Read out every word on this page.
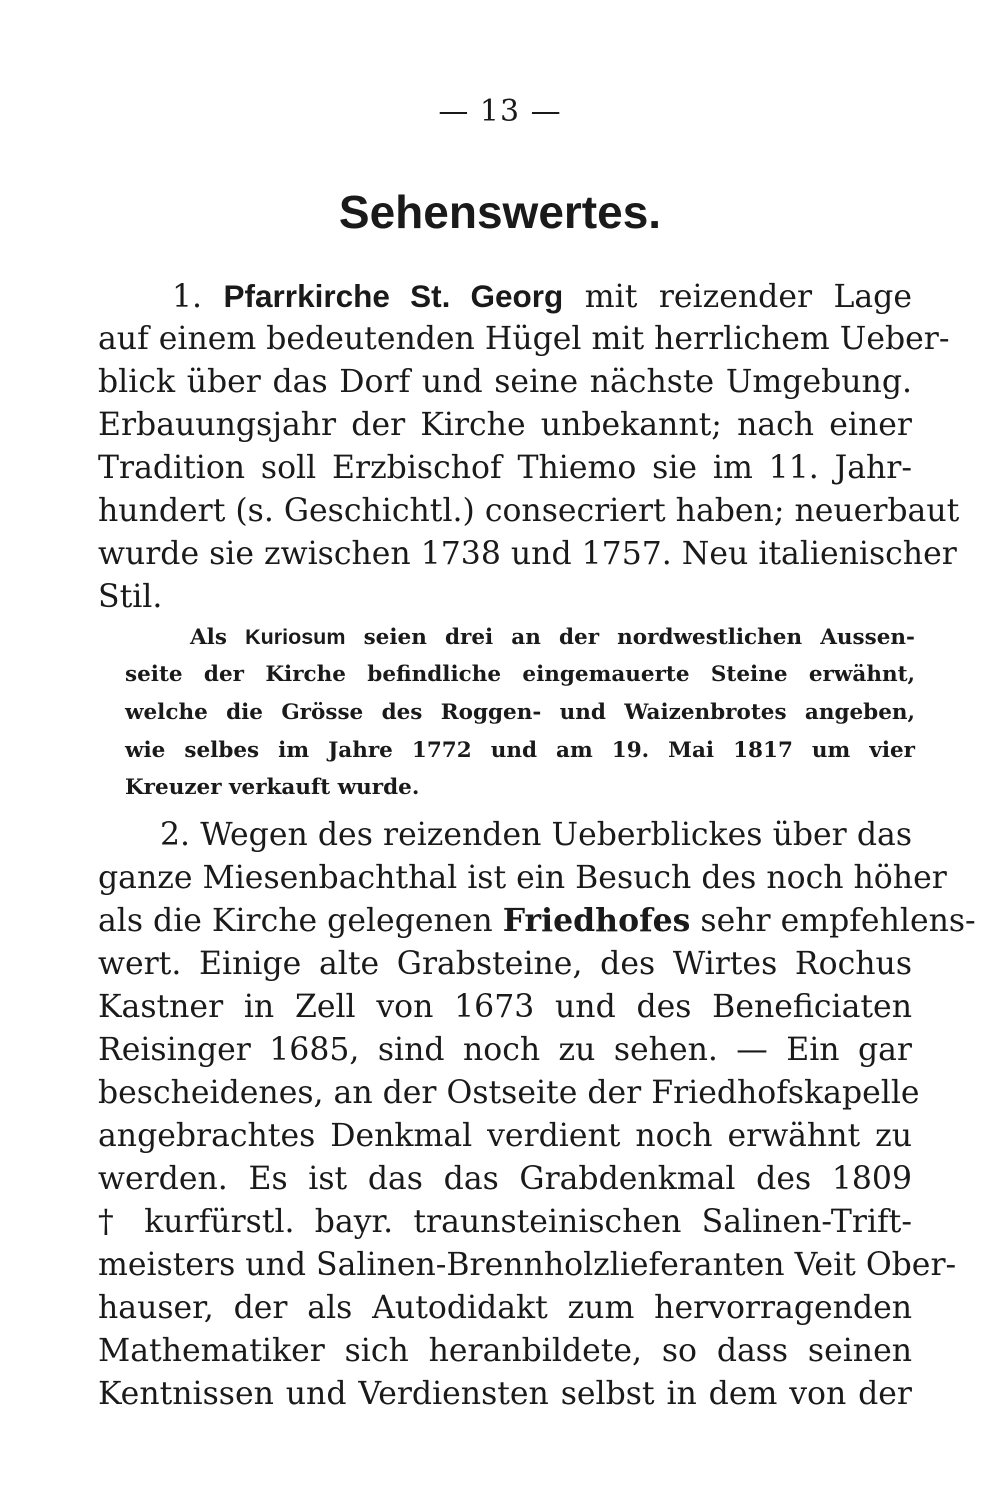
— 13 —
Sehenswertes.
1. Pfarrkirche St. Georg mit reizender Lage
auf einem bedeutenden Hügel mit herrlichem Ueber-
blick über das Dorf und seine nächste Umgebung.
Erbauungsjahr der Kirche unbekannt; nach einer
Tradition soll Erzbischof Thiemo sie im 11. Jahr-
hundert (s. Geschichtl.) consecriert haben; neuerbaut
wurde sie zwischen 1738 und 1757. Neu italienischer
Stil.
Als Kuriosum seien drei an der nordwestlichen Aussen-
seite der Kirche befindliche eingemauerte Steine erwähnt,
welche die Grösse des Roggen- und Waizenbrotes angeben,
wie selbes im Jahre 1772 und am 19. Mai 1817 um vier
Kreuzer verkauft wurde.
2. Wegen des reizenden Ueberblickes über das
ganze Miesenbachthal ist ein Besuch des noch höher
als die Kirche gelegenen Friedhofes sehr empfehlens-
wert. Einige alte Grabsteine, des Wirtes Rochus
Kastner in Zell von 1673 und des Beneficiaten
Reisinger 1685, sind noch zu sehen. — Ein gar
bescheidenes, an der Ostseite der Friedhofskapelle
angebrachtes Denkmal verdient noch erwähnt zu
werden. Es ist das das Grabdenkmal des 1809
† kurfürstl. bayr. traunsteinischen Salinen-Trift-
meisters und Salinen-Brennholzlieferanten Veit Ober-
hauser, der als Autodidakt zum hervorragenden
Mathematiker sich heranbildete, so dass seinen
Kentnissen und Verdiensten selbst in dem von der
